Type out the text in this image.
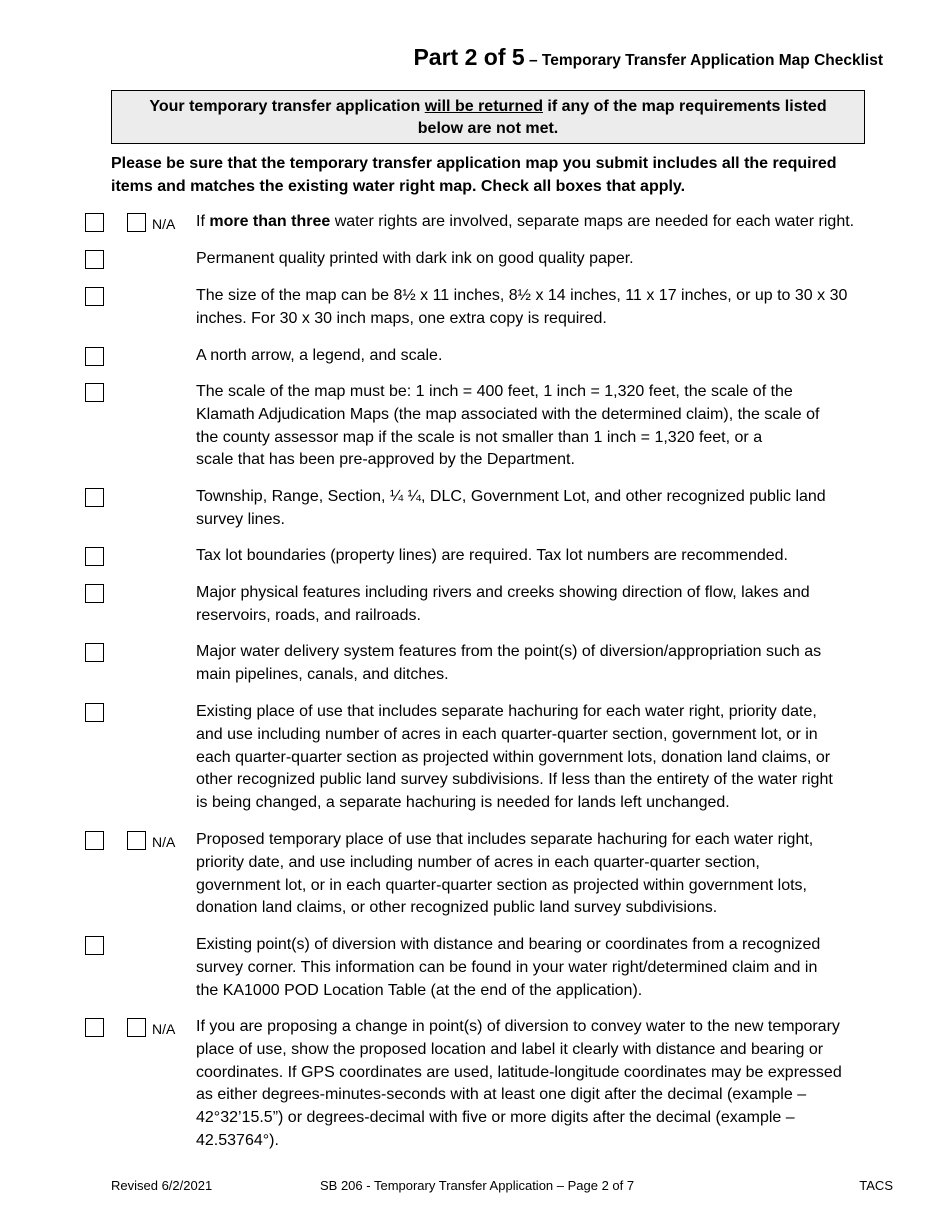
Part 2 of 5 – Temporary Transfer Application Map Checklist
Your temporary transfer application will be returned if any of the map requirements listed
below are not met.
Please be sure that the temporary transfer application map you submit includes all the required items and matches the existing water right map. Check all boxes that apply.
N/A If more than three water rights are involved, separate maps are needed for each water right.
Permanent quality printed with dark ink on good quality paper.
The size of the map can be 8½ x 11 inches, 8½ x 14 inches, 11 x 17 inches, or up to 30 x 30
inches. For 30 x 30 inch maps, one extra copy is required.
A north arrow, a legend, and scale.
The scale of the map must be: 1 inch = 400 feet, 1 inch = 1,320 feet, the scale of the
Klamath Adjudication Maps (the map associated with the determined claim), the scale of
the county assessor map if the scale is not smaller than 1 inch = 1,320 feet, or a
scale that has been pre-approved by the Department.
Township, Range, Section, ¼ ¼, DLC, Government Lot, and other recognized public land
survey lines.
Tax lot boundaries (property lines) are required. Tax lot numbers are recommended.
Major physical features including rivers and creeks showing direction of flow, lakes and
reservoirs, roads, and railroads.
Major water delivery system features from the point(s) of diversion/appropriation such as
main pipelines, canals, and ditches.
Existing place of use that includes separate hachuring for each water right, priority date,
and use including number of acres in each quarter-quarter section, government lot, or in
each quarter-quarter section as projected within government lots, donation land claims, or
other recognized public land survey subdivisions. If less than the entirety of the water right
is being changed, a separate hachuring is needed for lands left unchanged.
N/A Proposed temporary place of use that includes separate hachuring for each water right,
priority date, and use including number of acres in each quarter-quarter section,
government lot, or in each quarter-quarter section as projected within government lots,
donation land claims, or other recognized public land survey subdivisions.
Existing point(s) of diversion with distance and bearing or coordinates from a recognized
survey corner. This information can be found in your water right/determined claim and in
the KA1000 POD Location Table (at the end of the application).
N/A If you are proposing a change in point(s) of diversion to convey water to the new temporary
place of use, show the proposed location and label it clearly with distance and bearing or
coordinates. If GPS coordinates are used, latitude-longitude coordinates may be expressed
as either degrees-minutes-seconds with at least one digit after the decimal (example –
42°32’15.5”) or degrees-decimal with five or more digits after the decimal (example –
42.53764°).
Revised 6/2/2021	SB 206 - Temporary Transfer Application – Page 2 of 7	TACS
